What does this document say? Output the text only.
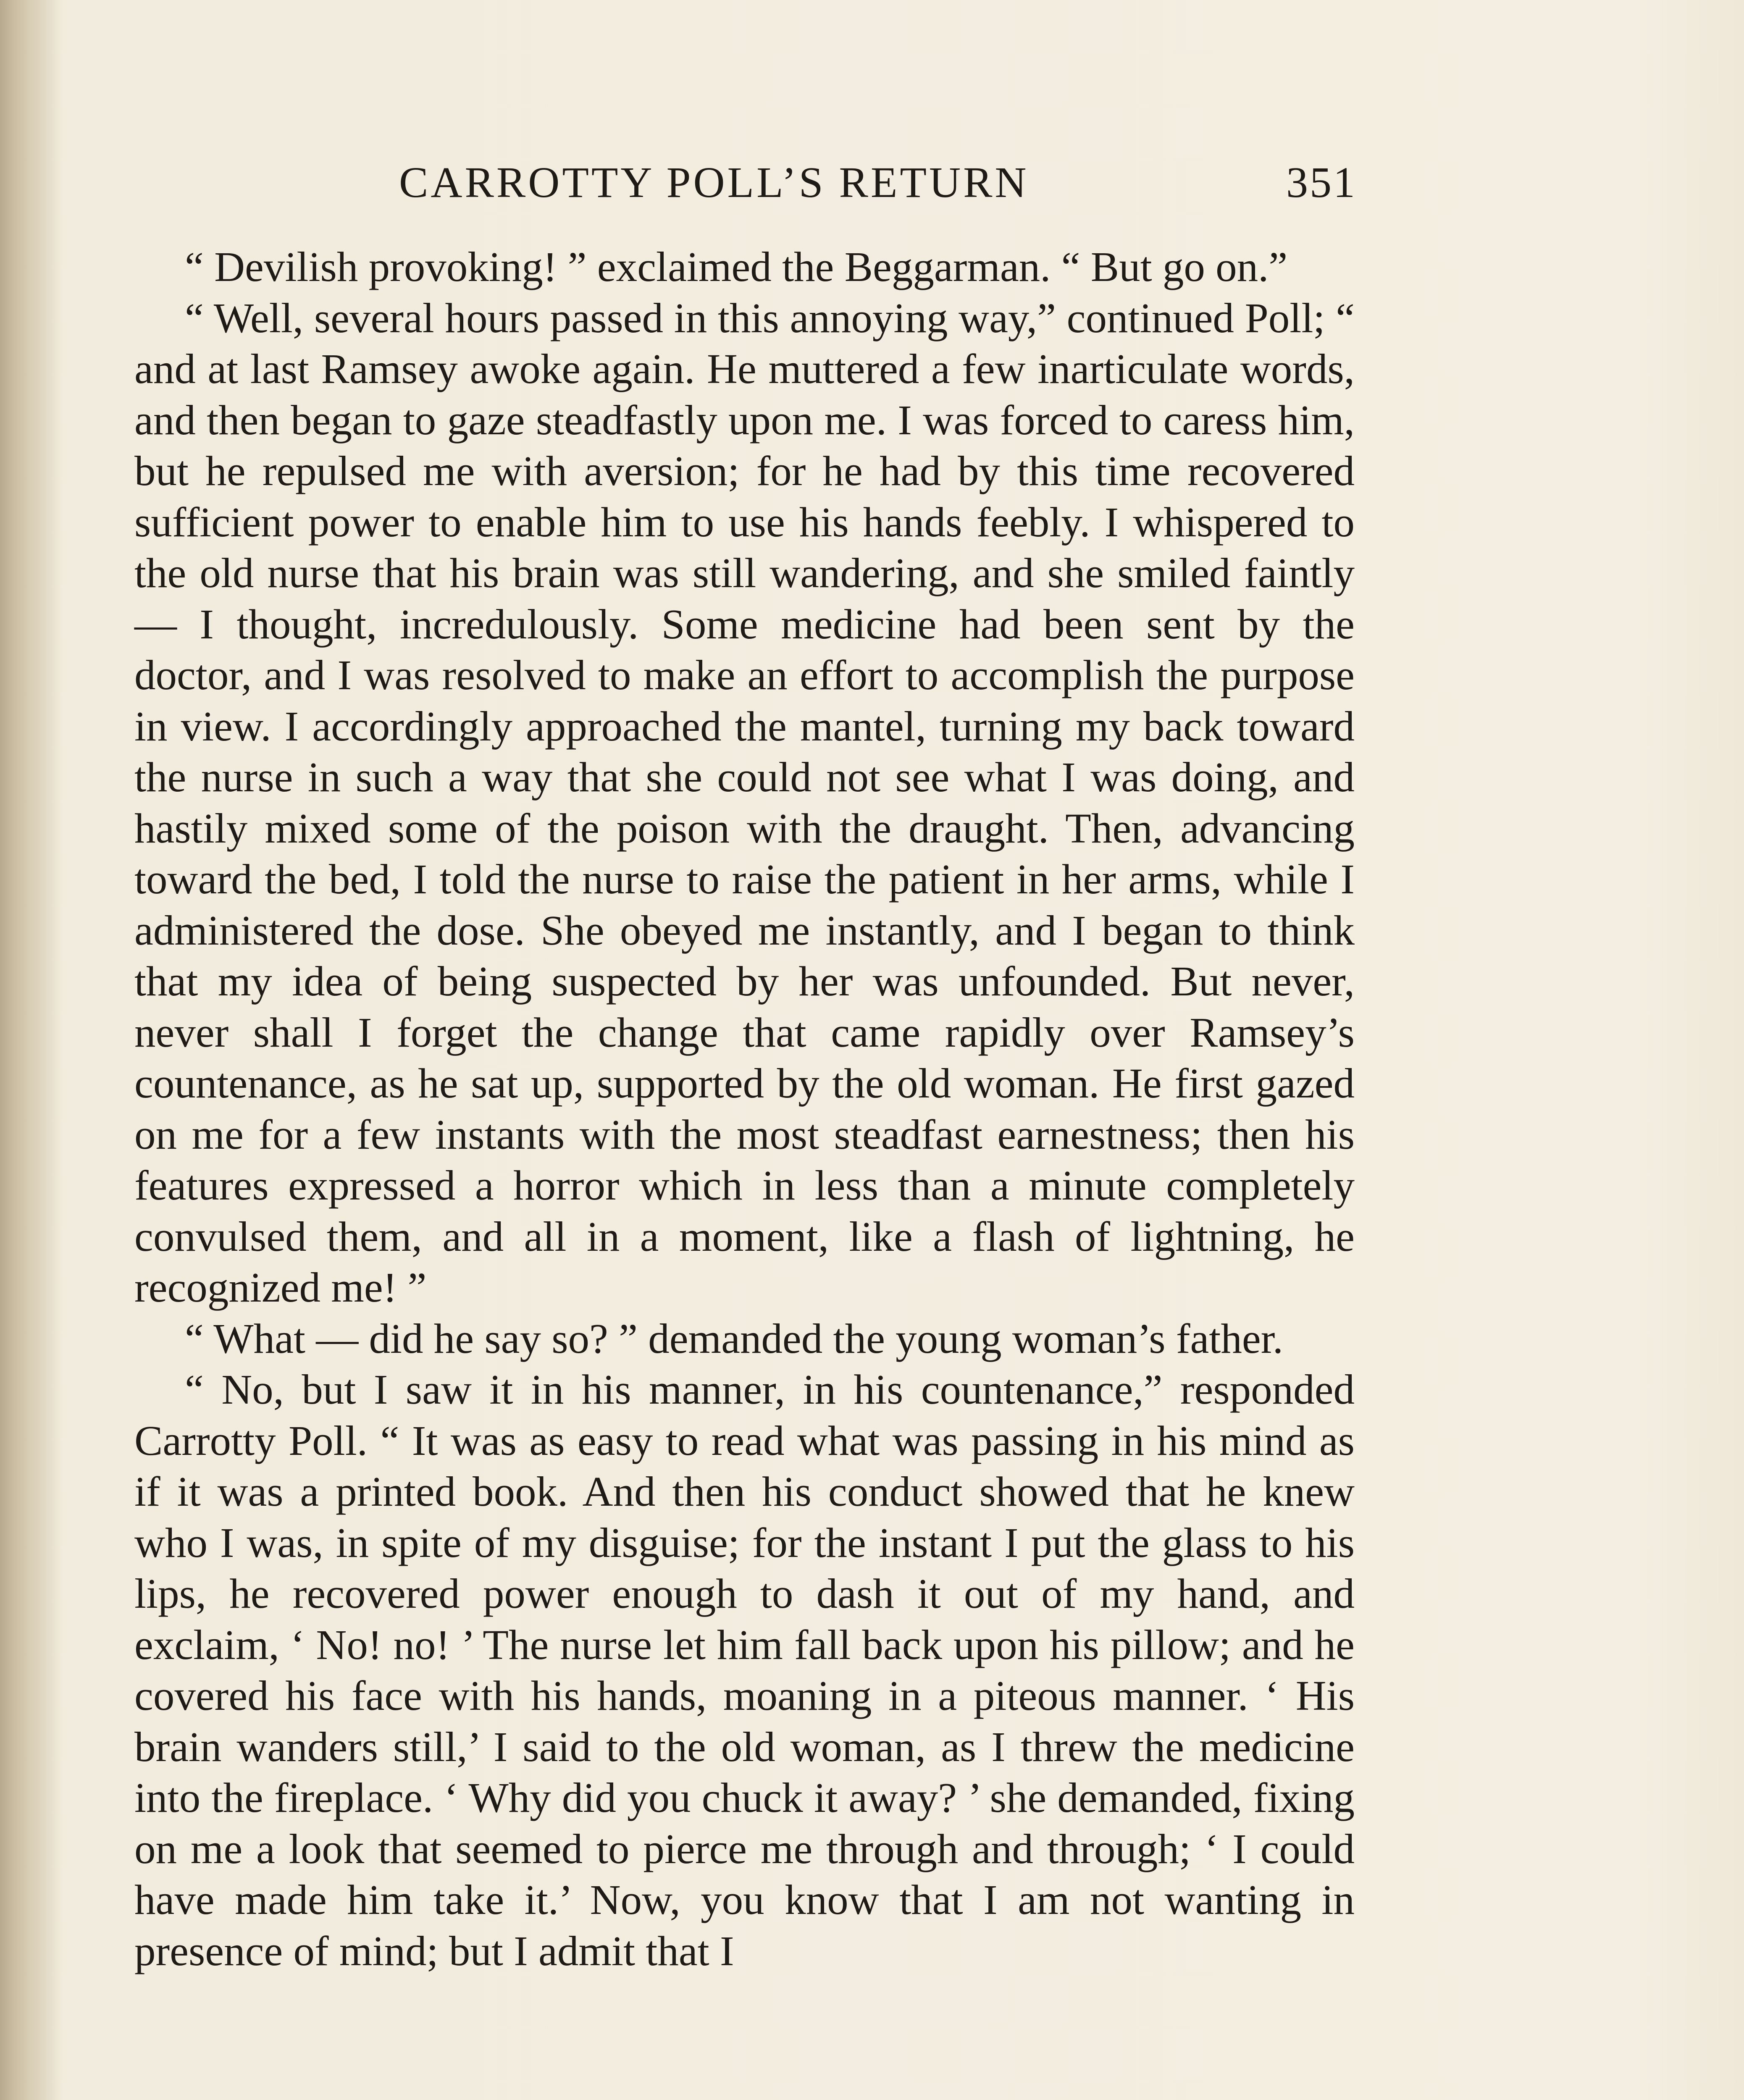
CARROTTY POLL’S RETURN	351

“ Devilish provoking! ” exclaimed the Beggarman. “ But go on.”

“ Well, several hours passed in this annoying way,” continued Poll; “ and at last Ramsey awoke again. He muttered a few inarticulate words, and then began to gaze steadfastly upon me. I was forced to caress him, but he repulsed me with aversion; for he had by this time recovered sufficient power to enable him to use his hands feebly. I whispered to the old nurse that his brain was still wandering, and she smiled faintly — I thought, incredulously. Some medicine had been sent by the doctor, and I was resolved to make an effort to accomplish the purpose in view. I accordingly approached the mantel, turning my back toward the nurse in such a way that she could not see what I was doing, and hastily mixed some of the poison with the draught. Then, advancing toward the bed, I told the nurse to raise the patient in her arms, while I administered the dose. She obeyed me instantly, and I began to think that my idea of being suspected by her was unfounded. But never, never shall I forget the change that came rapidly over Ramsey’s countenance, as he sat up, supported by the old woman. He first gazed on me for a few instants with the most steadfast earnestness; then his features expressed a horror which in less than a minute completely convulsed them, and all in a moment, like a flash of lightning, he recognized me! ”

“ What — did he say so? ” demanded the young woman’s father.

“ No, but I saw it in his manner, in his countenance,” responded Carrotty Poll. “ It was as easy to read what was passing in his mind as if it was a printed book. And then his conduct showed that he knew who I was, in spite of my disguise; for the instant I put the glass to his lips, he recovered power enough to dash it out of my hand, and exclaim, ‘ No! no! ’ The nurse let him fall back upon his pillow; and he covered his face with his hands, moaning in a piteous manner. ‘ His brain wanders still,’ I said to the old woman, as I threw the medicine into the fireplace. ‘ Why did you chuck it away? ’ she demanded, fixing on me a look that seemed to pierce me through and through; ‘ I could have made him take it.’ Now, you know that I am not wanting in presence of mind; but I admit that I
